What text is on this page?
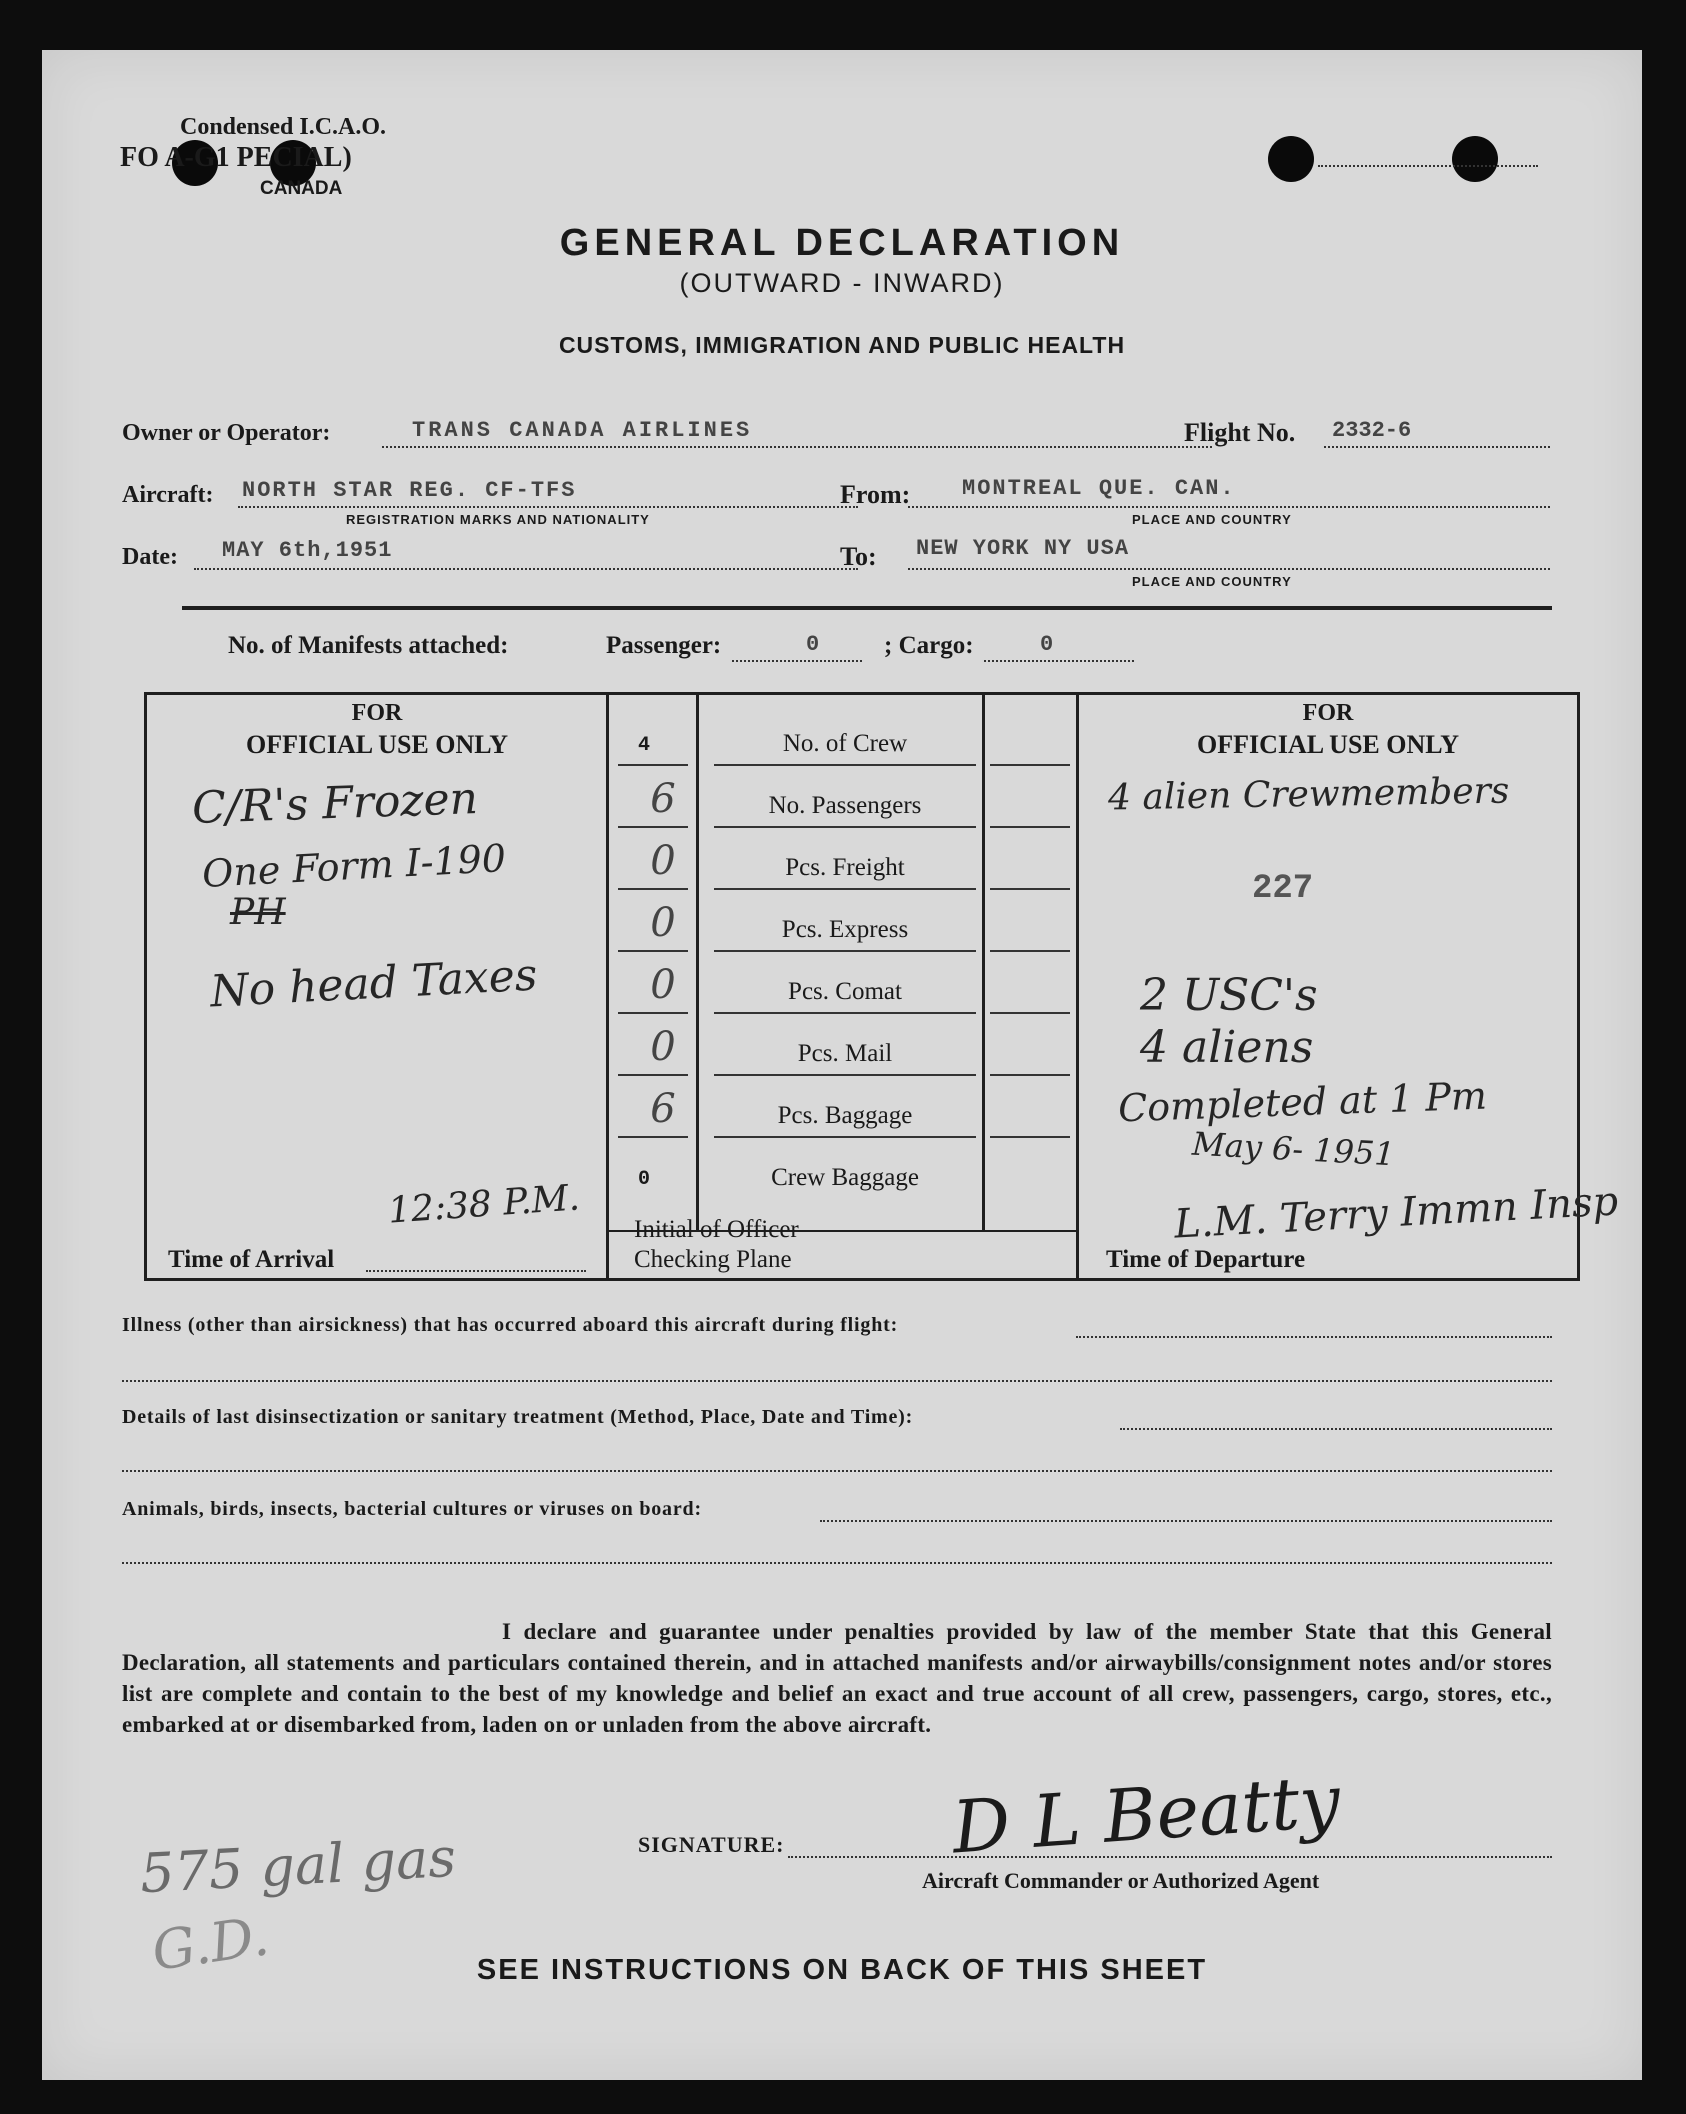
Condensed I.C.A.O.
FO A-G1 PECIAL)
CANADA
GENERAL DECLARATION
(OUTWARD - INWARD)
CUSTOMS, IMMIGRATION AND PUBLIC HEALTH
Owner or Operator:	TRANS CANADA AIRLINES	Flight No. 2332-6
Aircraft: NORTH STAR REG. CF-TFS
REGISTRATION MARKS AND NATIONALITY
From: MONTREAL QUE. CAN.
PLACE AND COUNTRY
Date: MAY 6th,1951	To: NEW YORK NY USA
PLACE AND COUNTRY
No. of Manifests attached:	Passenger:	0	; Cargo:	0
FOR
OFFICIAL USE ONLY
FOR
OFFICIAL USE ONLY
4	No. of Crew
6	No. Passengers
0	Pcs. Freight
0	Pcs. Express
0	Pcs. Comat
0	Pcs. Mail
6	Pcs. Baggage
0	Crew Baggage
C/R's Frozen
One Form I-190
PH
No head Taxes
12:38 P.M.
Time of Arrival
Initial of Officer
Checking Plane
4 alien Crewmembers
227
2 USC's
4 aliens
Completed at 1 Pm
May 6- 1951
L.M. Terry Immn Insp
Time of Departure
Illness (other than airsickness) that has occurred aboard this aircraft during flight:
Details of last disinsectization or sanitary treatment (Method, Place, Date and Time):
Animals, birds, insects, bacterial cultures or viruses on board:
I declare and guarantee under penalties provided by law of the member State that this General Declaration, all statements and particulars contained therein, and in attached manifests and/or airwaybills/consignment notes and/or stores list are complete and contain to the best of my knowledge and belief an exact and true account of all crew, passengers, cargo, stores, etc., embarked at or disembarked from, laden on or unladen from the above aircraft.
SIGNATURE: D L Beatty
Aircraft Commander or Authorized Agent
575 gal gas
G.D.	SEE INSTRUCTIONS ON BACK OF THIS SHEET
